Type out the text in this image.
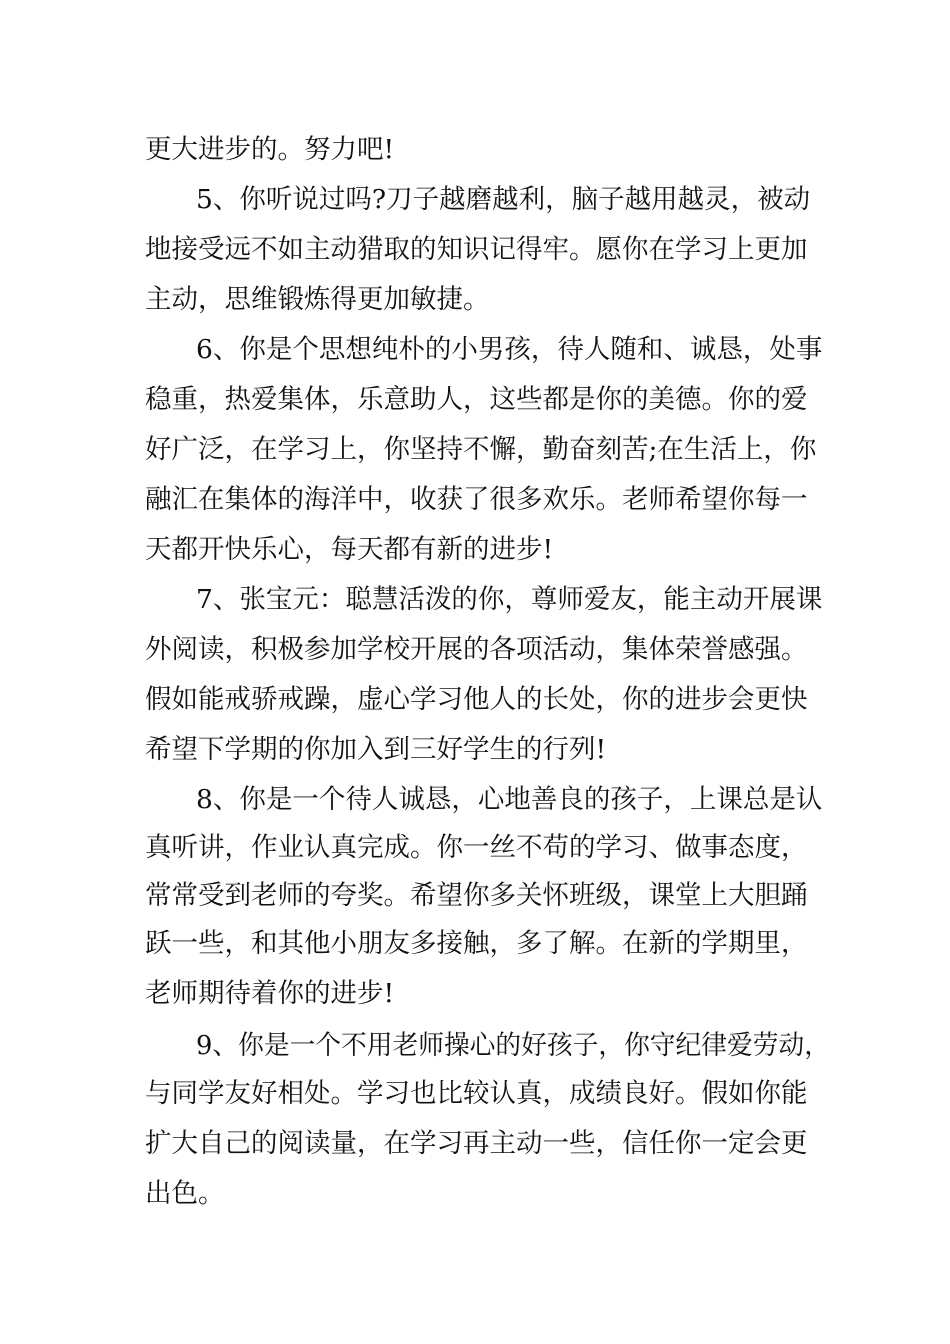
更大进步的。努力吧!
5、你听说过吗?刀子越磨越利，脑子越用越灵，被动
地接受远不如主动猎取的知识记得牢。愿你在学习上更加
主动，思维锻炼得更加敏捷。
6、你是个思想纯朴的小男孩，待人随和、诚恳，处事
稳重，热爱集体，乐意助人，这些都是你的美德。你的爱
好广泛，在学习上，你坚持不懈，勤奋刻苦;在生活上，你
融汇在集体的海洋中，收获了很多欢乐。老师希望你每一
天都开快乐心，每天都有新的进步!
7、张宝元：聪慧活泼的你，尊师爱友，能主动开展课
外阅读，积极参加学校开展的各项活动，集体荣誉感强。
假如能戒骄戒躁，虚心学习他人的长处，你的进步会更快
希望下学期的你加入到三好学生的行列!
8、你是一个待人诚恳，心地善良的孩子，上课总是认
真听讲，作业认真完成。你一丝不苟的学习、做事态度，
常常受到老师的夸奖。希望你多关怀班级，课堂上大胆踊
跃一些，和其他小朋友多接触，多了解。在新的学期里，
老师期待着你的进步!
9、你是一个不用老师操心的好孩子，你守纪律爱劳动，
与同学友好相处。学习也比较认真，成绩良好。假如你能
扩大自己的阅读量，在学习再主动一些，信任你一定会更
出色。
